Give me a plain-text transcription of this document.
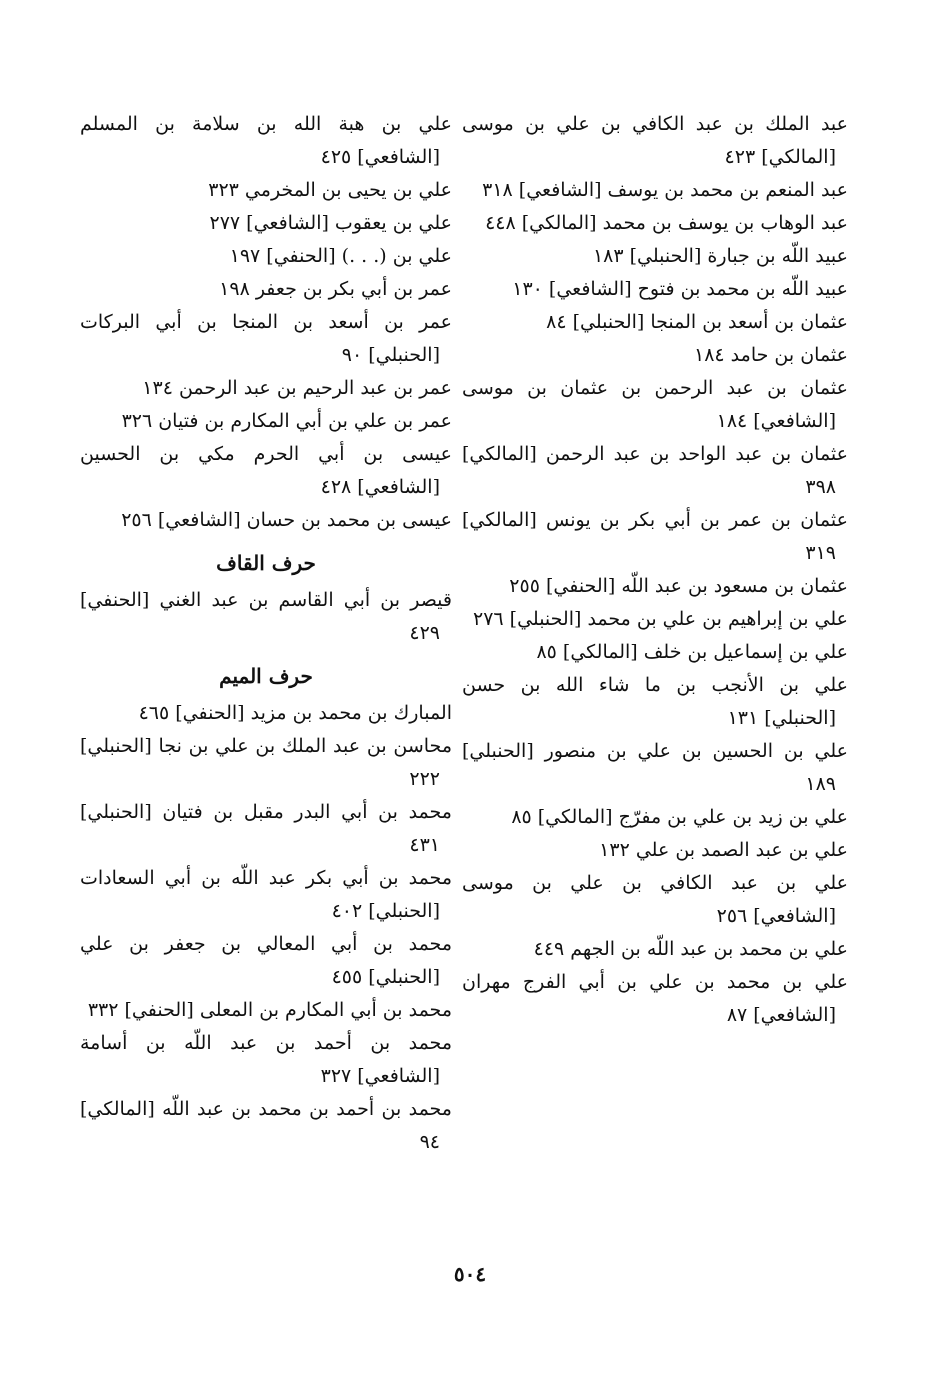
عبد الملك بن عبد الكافي بن علي بن موسى [المالكي] ٤٢٣

عبد المنعم بن محمد بن يوسف [الشافعي] ٣١٨

عبد الوهاب بن يوسف بن محمد [المالكي] ٤٤٨

عبيد اللّه بن جبارة [الحنبلي] ١٨٣

عبيد اللّه بن محمد بن فتوح [الشافعي] ١٣٠

عثمان بن أسعد بن المنجا [الحنبلي] ٨٤

عثمان بن حامد ١٨٤

عثمان بن عبد الرحمن بن عثمان بن موسى [الشافعي] ١٨٤

عثمان بن عبد الواحد بن عبد الرحمن [المالكي] ٣٩٨

عثمان بن عمر بن أبي بكر بن يونس [المالكي] ٣١٩

عثمان بن مسعود بن عبد اللّه [الحنفي] ٢٥٥

علي بن إبراهيم بن علي بن محمد [الحنبلي] ٢٧٦

علي بن إسماعيل بن خلف [المالكي] ٨٥

علي بن الأنجب بن ما شاء الله بن حسن [الحنبلي] ١٣١

علي بن الحسين بن علي بن منصور [الحنبلي] ١٨٩

علي بن زيد بن علي بن مفرّج [المالكي] ٨٥

علي بن عبد الصمد بن علي ١٣٢

علي بن عبد الكافي بن علي بن موسى [الشافعي] ٢٥٦

علي بن محمد بن عبد اللّه بن الجهم ٤٤٩

علي بن محمد بن علي بن أبي الفرج مهران [الشافعي] ٨٧

علي بن هبة الله بن سلامة بن المسلم [الشافعي] ٤٢٥

علي بن يحيى بن المخرمي ٣٢٣

علي بن يعقوب [الشافعي] ٢٧٧

علي بن (. . .) [الحنفي] ١٩٧

عمر بن أبي بكر بن جعفر ١٩٨

عمر بن أسعد بن المنجا بن أبي البركات [الحنبلي] ٩٠

عمر بن عبد الرحيم بن عبد الرحمن ١٣٤

عمر بن علي بن أبي المكارم بن فتيان ٣٢٦

عيسى بن أبي الحرم مكي بن الحسين [الشافعي] ٤٢٨

عيسى بن محمد بن حسان [الشافعي] ٢٥٦

حرف القاف

قيصر بن أبي القاسم بن عبد الغني [الحنفي] ٤٢٩

حرف الميم

المبارك بن محمد بن مزيد [الحنفي] ٤٦٥

محاسن بن عبد الملك بن علي بن نجا [الحنبلي] ٢٢٢

محمد بن أبي البدر مقبل بن فتيان [الحنبلي] ٤٣١

محمد بن أبي بكر عبد اللّه بن أبي السعادات [الحنبلي] ٤٠٢

محمد بن أبي المعالي بن جعفر بن علي [الحنبلي] ٤٥٥

محمد بن أبي المكارم بن المعلى [الحنفي] ٣٣٢

محمد بن أحمد بن عبد اللّه بن أسامة [الشافعي] ٣٢٧

محمد بن أحمد بن محمد بن عبد اللّه [المالكي] ٩٤

٥٠٤
